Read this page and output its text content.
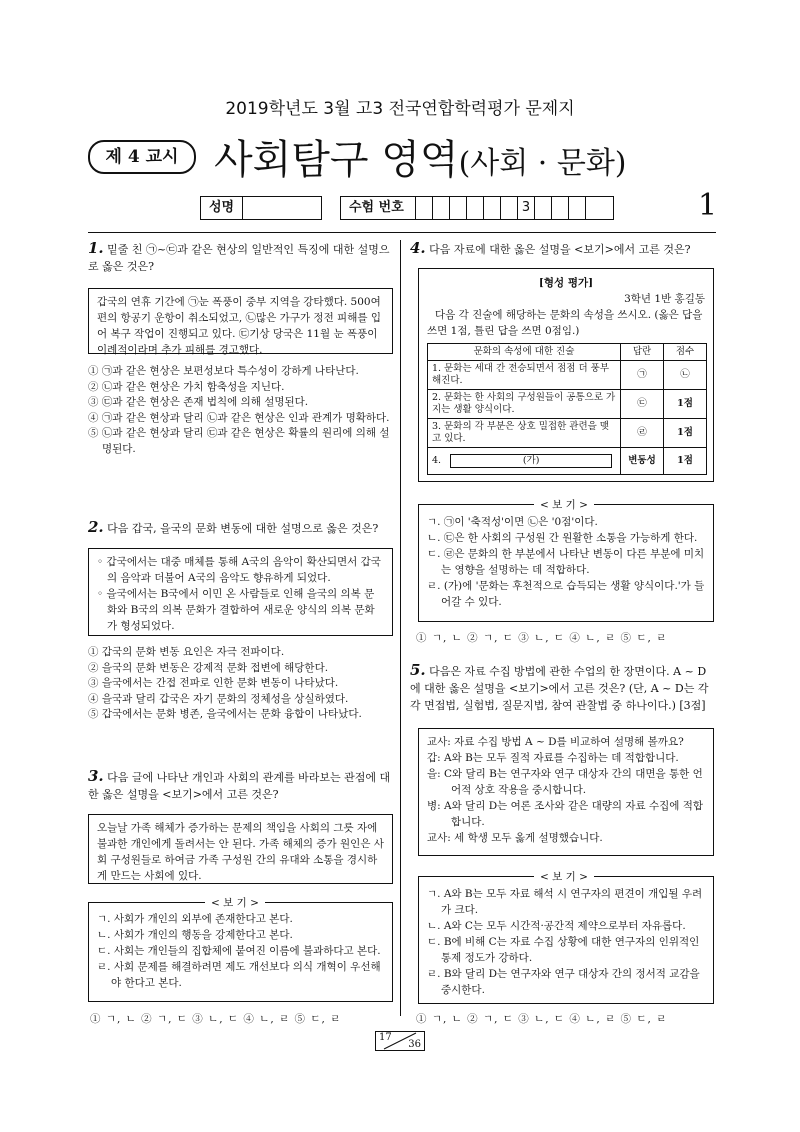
2019학년도 3월 고3 전국연합학력평가 문제지
제 4 교시 사회탐구 영역(사회 · 문화)
성명	수험 번호	3	1
1. 밑줄 친 ㉠~㉢과 같은 현상의 일반적인 특징에 대한 설명으로 옳은 것은?
갑국의 연휴 기간에 ㉠눈 폭풍이 중부 지역을 강타했다. 500여 편의 항공기 운항이 취소되었고, ㉡많은 가구가 정전 피해를 입어 복구 작업이 진행되고 있다. ㉢기상 당국은 11월 눈 폭풍이 이례적이라며 추가 피해를 경고했다.
① ㉠과 같은 현상은 보편성보다 특수성이 강하게 나타난다.
② ㉡과 같은 현상은 가치 함축성을 지닌다.
③ ㉢과 같은 현상은 존재 법칙에 의해 설명된다.
④ ㉠과 같은 현상과 달리 ㉡과 같은 현상은 인과 관계가 명확하다.
⑤ ㉡과 같은 현상과 달리 ㉢과 같은 현상은 확률의 원리에 의해 설명된다.
2. 다음 갑국, 을국의 문화 변동에 대한 설명으로 옳은 것은?
◦ 갑국에서는 대중 매체를 통해 A국의 음악이 확산되면서 갑국의 음악과 더불어 A국의 음악도 향유하게 되었다.
◦ 을국에서는 B국에서 이민 온 사람들로 인해 을국의 의복 문화와 B국의 의복 문화가 결합하여 새로운 양식의 의복 문화가 형성되었다.
① 갑국의 문화 변동 요인은 자극 전파이다.
② 을국의 문화 변동은 강제적 문화 접변에 해당한다.
③ 을국에서는 간접 전파로 인한 문화 변동이 나타났다.
④ 을국과 달리 갑국은 자기 문화의 정체성을 상실하였다.
⑤ 갑국에서는 문화 병존, 을국에서는 문화 융합이 나타났다.
3. 다음 글에 나타난 개인과 사회의 관계를 바라보는 관점에 대한 옳은 설명을 <보기>에서 고른 것은?
오늘날 가족 해체가 증가하는 문제의 책임을 사회의 그릇 자에 불과한 개인에게 돌려서는 안 된다. 가족 해체의 증가 원인은 사회 구성원들로 하여금 가족 구성원 간의 유대와 소통을 경시하게 만드는 사회에 있다.
ㄱ. 사회가 개인의 외부에 존재한다고 본다.
ㄴ. 사회가 개인의 행동을 강제한다고 본다.
ㄷ. 사회는 개인들의 집합체에 붙여진 이름에 불과하다고 본다.
ㄹ. 사회 문제를 해결하려면 제도 개선보다 의식 개혁이 우선해야 한다고 본다.
< 보 기 >
① ㄱ, ㄴ ② ㄱ, ㄷ ③ ㄴ, ㄷ ④ ㄴ, ㄹ ⑤ ㄷ, ㄹ
4. 다음 자료에 대한 옳은 설명을 <보기>에서 고른 것은?
[형성 평가]
3학년 1반 홍길동
다음 각 진술에 해당하는 문화의 속성을 쓰시오. (옳은 답을 쓰면 1점, 틀린 답을 쓰면 0점임.)
문화의 속성에 대한 진술	답란	점수
1. 문화는 세대 간 전승되면서 점점 더 풍부해진다.	㉠	㉡
2. 문화는 한 사회의 구성원들이 공통으로 가지는 생활 양식이다.	㉢	1점
3. 문화의 각 부분은 상호 밀접한 관련을 맺고 있다.	㉣	1점
4. (가)	변동성	1점
ㄱ. ㉠이 '축적성'이면 ㉡은 '0점'이다.
ㄴ. ㉢은 한 사회의 구성원 간 원활한 소통을 가능하게 한다.
ㄷ. ㉣은 문화의 한 부분에서 나타난 변동이 다른 부분에 미치는 영향을 설명하는 데 적합하다.
ㄹ. (가)에 '문화는 후천적으로 습득되는 생활 양식이다.'가 들어갈 수 있다.
< 보 기 >
① ㄱ, ㄴ ② ㄱ, ㄷ ③ ㄴ, ㄷ ④ ㄴ, ㄹ ⑤ ㄷ, ㄹ
5. 다음은 자료 수집 방법에 관한 수업의 한 장면이다. A ~ D에 대한 옳은 설명을 <보기>에서 고른 것은? (단, A ~ D는 각각 면접법, 실험법, 질문지법, 참여 관찰법 중 하나이다.) [3점]
교사: 자료 수집 방법 A ~ D를 비교하여 설명해 볼까요?
갑: A와 B는 모두 질적 자료를 수집하는 데 적합합니다.
을: C와 달리 B는 연구자와 연구 대상자 간의 대면을 통한 언어적 상호 작용을 중시합니다.
병: A와 달리 D는 여론 조사와 같은 대량의 자료 수집에 적합합니다.
교사: 세 학생 모두 옳게 설명했습니다.
ㄱ. A와 B는 모두 자료 해석 시 연구자의 편견이 개입될 우려가 크다.
ㄴ. A와 C는 모두 시간적·공간적 제약으로부터 자유롭다.
ㄷ. B에 비해 C는 자료 수집 상황에 대한 연구자의 인위적인 통제 정도가 강하다.
ㄹ. B와 달리 D는 연구자와 연구 대상자 간의 정서적 교감을 중시한다.
< 보 기 >
① ㄱ, ㄴ ② ㄱ, ㄷ ③ ㄴ, ㄷ ④ ㄴ, ㄹ ⑤ ㄷ, ㄹ
17
36
